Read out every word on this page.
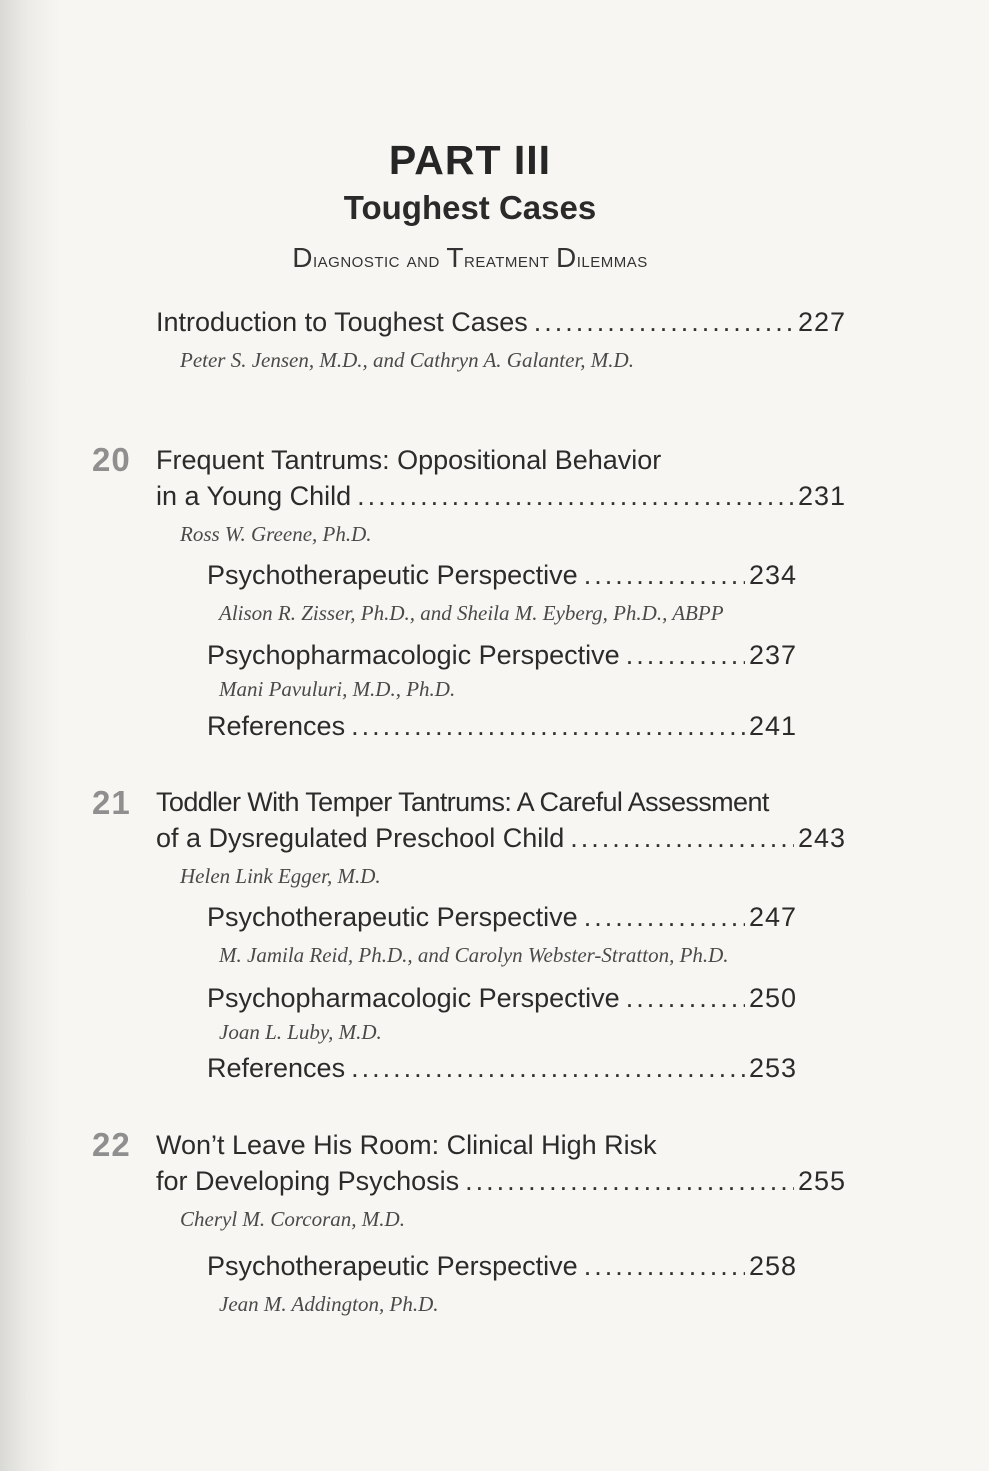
PART III
Toughest Cases
Diagnostic and Treatment Dilemmas
Introduction to Toughest Cases .....	227
Peter S. Jensen, M.D., and Cathryn A. Galanter, M.D.
20 Frequent Tantrums: Oppositional Behavior
in a Young Child .....	231
Ross W. Greene, Ph.D.
Psychotherapeutic Perspective .....	234
Alison R. Zisser, Ph.D., and Sheila M. Eyberg, Ph.D., ABPP
Psychopharmacologic Perspective .....	237
Mani Pavuluri, M.D., Ph.D.
References .....	241
21 Toddler With Temper Tantrums: A Careful Assessment
of a Dysregulated Preschool Child .....	243
Helen Link Egger, M.D.
Psychotherapeutic Perspective .....	247
M. Jamila Reid, Ph.D., and Carolyn Webster-Stratton, Ph.D.
Psychopharmacologic Perspective .....	250
Joan L. Luby, M.D.
References .....	253
22 Won’t Leave His Room: Clinical High Risk
for Developing Psychosis .....	255
Cheryl M. Corcoran, M.D.
Psychotherapeutic Perspective .....	258
Jean M. Addington, Ph.D.
